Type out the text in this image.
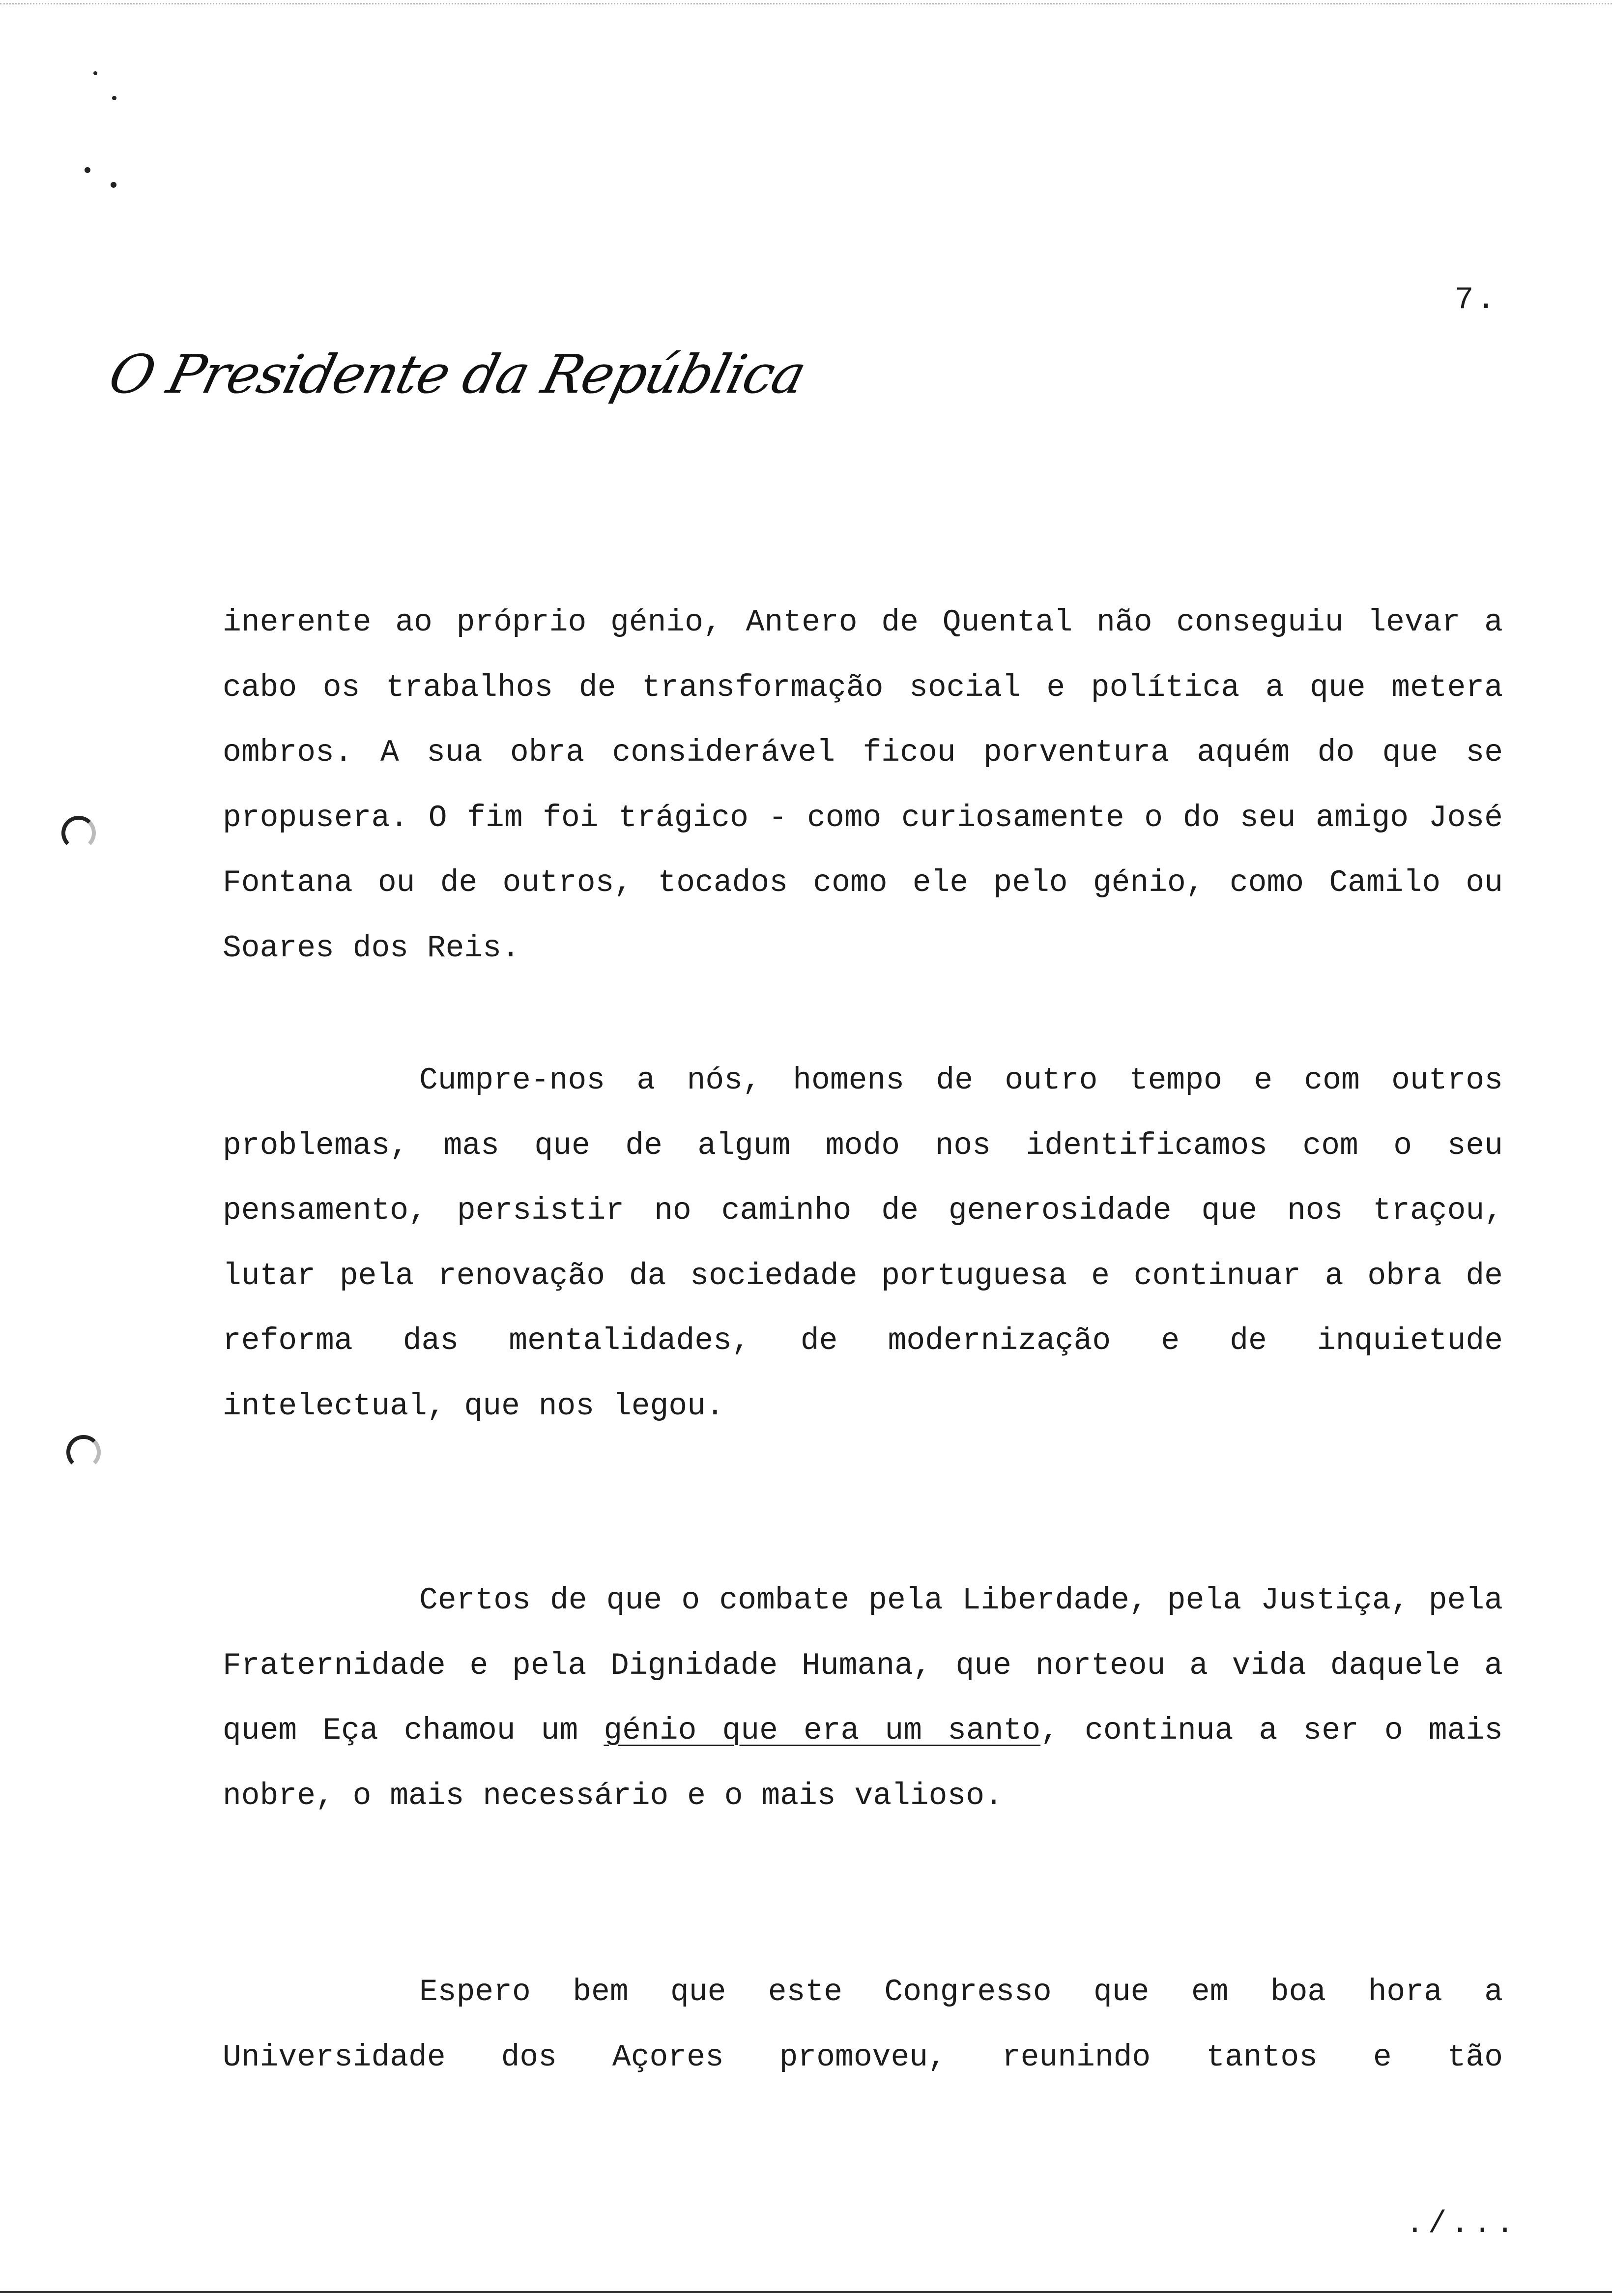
7.
O Presidente da República

inerente ao próprio génio, Antero de Quental não conseguiu levar a cabo os trabalhos de transformação social e política a que metera ombros. A sua obra considerável ficou porventura aquém do que se propusera. O fim foi trágico - como curiosamente o do seu amigo José Fontana ou de outros, tocados como ele pelo génio, como Camilo ou Soares dos Reis.

Cumpre-nos a nós, homens de outro tempo e com outros problemas, mas que de algum modo nos identificamos com o seu pensamento, persistir no caminho de generosidade que nos traçou, lutar pela renovação da sociedade portuguesa e continuar a obra de reforma das mentalidades, de modernização e de inquietude intelectual, que nos legou.

Certos de que o combate pela Liberdade, pela Justiça, pela Fraternidade e pela Dignidade Humana, que norteou a vida daquele a quem Eça chamou um génio que era um santo, continua a ser o mais nobre, o mais necessário e o mais valioso.

Espero bem que este Congresso que em boa hora a Universidade dos Açores promoveu, reunindo tantos e tão

./...
